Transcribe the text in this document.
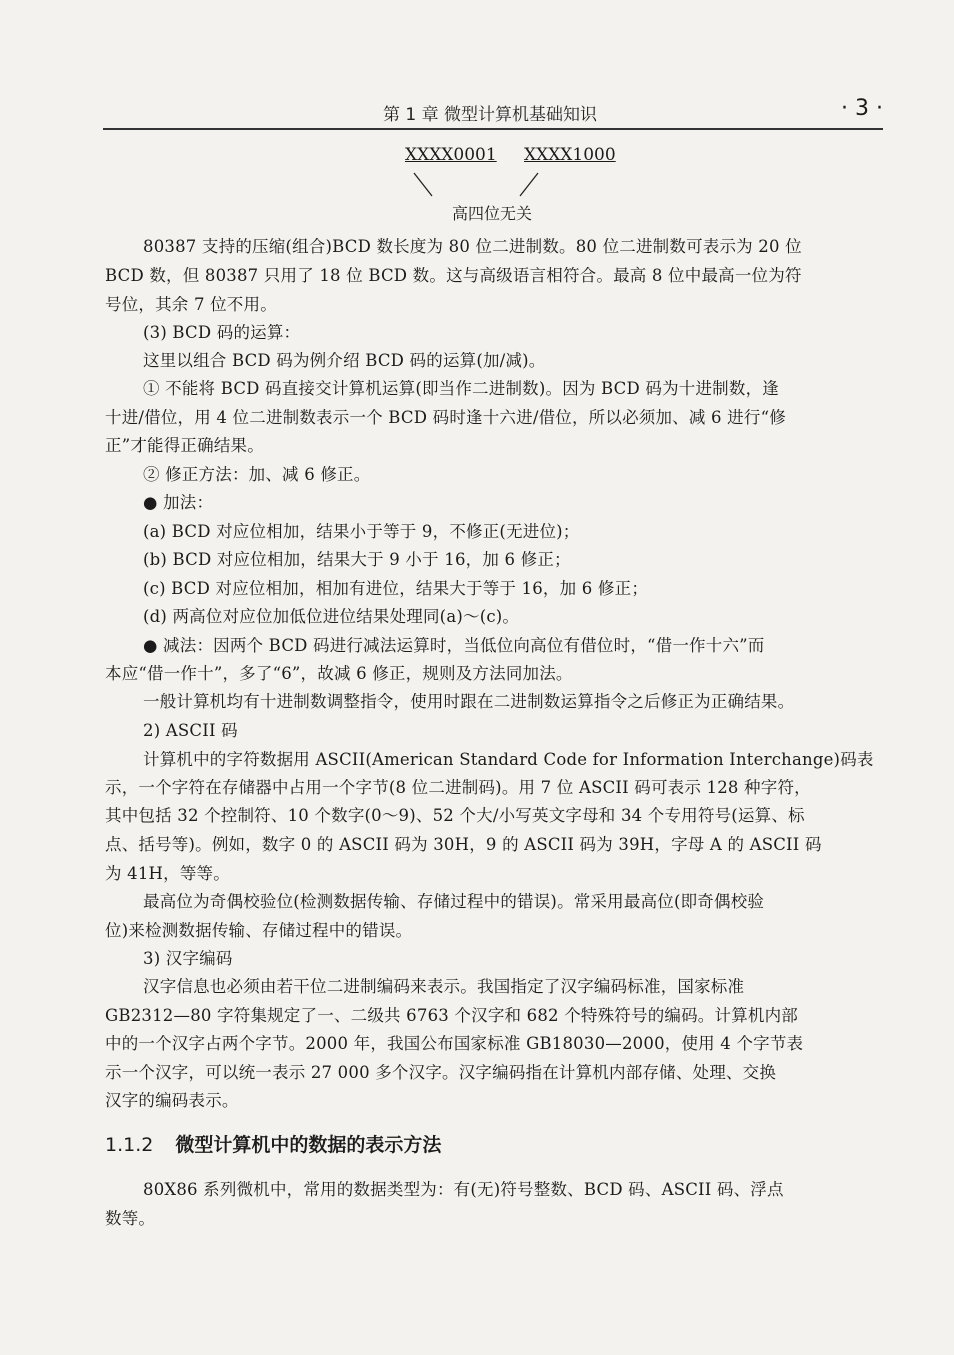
第 1 章 微型计算机基础知识	· 3 ·
XXXX0001 XXXX1000
高四位无关
80387 支持的压缩(组合)BCD 数长度为 80 位二进制数。80 位二进制数可表示为 20 位
BCD 数，但 80387 只用了 18 位 BCD 数。这与高级语言相符合。最高 8 位中最高一位为符
号位，其余 7 位不用。
(3) BCD 码的运算：
这里以组合 BCD 码为例介绍 BCD 码的运算(加/减)。
① 不能将 BCD 码直接交计算机运算(即当作二进制数)。因为 BCD 码为十进制数，逢
十进/借位，用 4 位二进制数表示一个 BCD 码时逢十六进/借位，所以必须加、减 6 进行“修
正”才能得正确结果。
② 修正方法：加、减 6 修正。
● 加法：
(a) BCD 对应位相加，结果小于等于 9，不修正(无进位)；
(b) BCD 对应位相加，结果大于 9 小于 16，加 6 修正；
(c) BCD 对应位相加，相加有进位，结果大于等于 16，加 6 修正；
(d) 两高位对应位加低位进位结果处理同(a)～(c)。
● 减法：因两个 BCD 码进行减法运算时，当低位向高位有借位时，“借一作十六”而
本应“借一作十”，多了“6”，故减 6 修正，规则及方法同加法。
一般计算机均有十进制数调整指令，使用时跟在二进制数运算指令之后修正为正确结果。
2) ASCII 码
计算机中的字符数据用 ASCII(American Standard Code for Information Interchange)码表
示，一个字符在存储器中占用一个字节(8 位二进制码)。用 7 位 ASCII 码可表示 128 种字符，
其中包括 32 个控制符、10 个数字(0～9)、52 个大/小写英文字母和 34 个专用符号(运算、标
点、括号等)。例如，数字 0 的 ASCII 码为 30H，9 的 ASCII 码为 39H，字母 A 的 ASCII 码
为 41H，等等。
最高位为奇偶校验位(检测数据传输、存储过程中的错误)。常采用最高位(即奇偶校验
位)来检测数据传输、存储过程中的错误。
3) 汉字编码
汉字信息也必须由若干位二进制编码来表示。我国指定了汉字编码标准，国家标准
GB2312—80 字符集规定了一、二级共 6763 个汉字和 682 个特殊符号的编码。计算机内部
中的一个汉字占两个字节。2000 年，我国公布国家标准 GB18030—2000，使用 4 个字节表
示一个汉字，可以统一表示 27 000 多个汉字。汉字编码指在计算机内部存储、处理、交换
汉字的编码表示。
1.1.2 微型计算机中的数据的表示方法
80X86 系列微机中，常用的数据类型为：有(无)符号整数、BCD 码、ASCII 码、浮点
数等。
